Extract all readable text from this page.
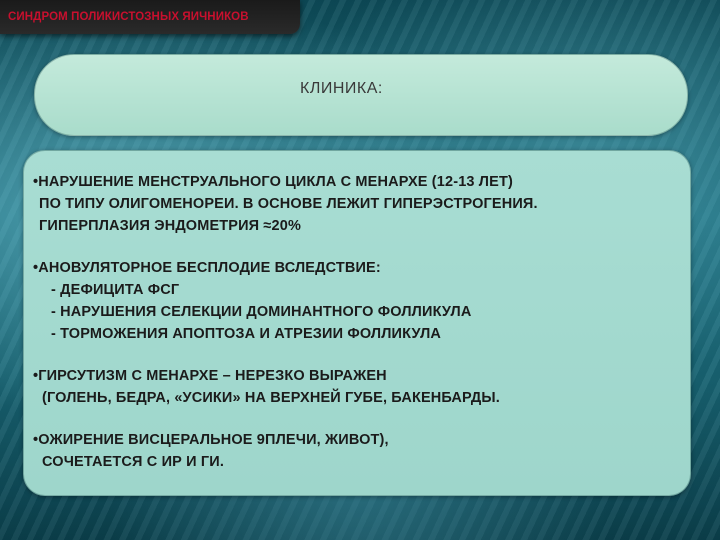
СИНДРОМ ПОЛИКИСТОЗНЫХ ЯИЧНИКОВ

КЛИНИКА:

•НАРУШЕНИЕ МЕНСТРУАЛЬНОГО ЦИКЛА С МЕНАРХЕ (12-13 ЛЕТ)

ПО ТИПУ ОЛИГОМЕНОРЕИ. В ОСНОВЕ ЛЕЖИТ ГИПЕРЭСТРОГЕНИЯ.

ГИПЕРПЛАЗИЯ ЭНДОМЕТРИЯ ≈20%

•АНОВУЛЯТОРНОЕ БЕСПЛОДИЕ ВСЛЕДСТВИЕ:

- ДЕФИЦИТА ФСГ

- НАРУШЕНИЯ СЕЛЕКЦИИ ДОМИНАНТНОГО ФОЛЛИКУЛА

- ТОРМОЖЕНИЯ АПОПТОЗА И АТРЕЗИИ ФОЛЛИКУЛА

•ГИРСУТИЗМ С МЕНАРХЕ – НЕРЕЗКО ВЫРАЖЕН

(ГОЛЕНЬ, БЕДРА, «УСИКИ» НА ВЕРХНЕЙ ГУБЕ, БАКЕНБАРДЫ.

•ОЖИРЕНИЕ ВИСЦЕРАЛЬНОЕ 9ПЛЕЧИ, ЖИВОТ),

СОЧЕТАЕТСЯ С ИР И ГИ.
